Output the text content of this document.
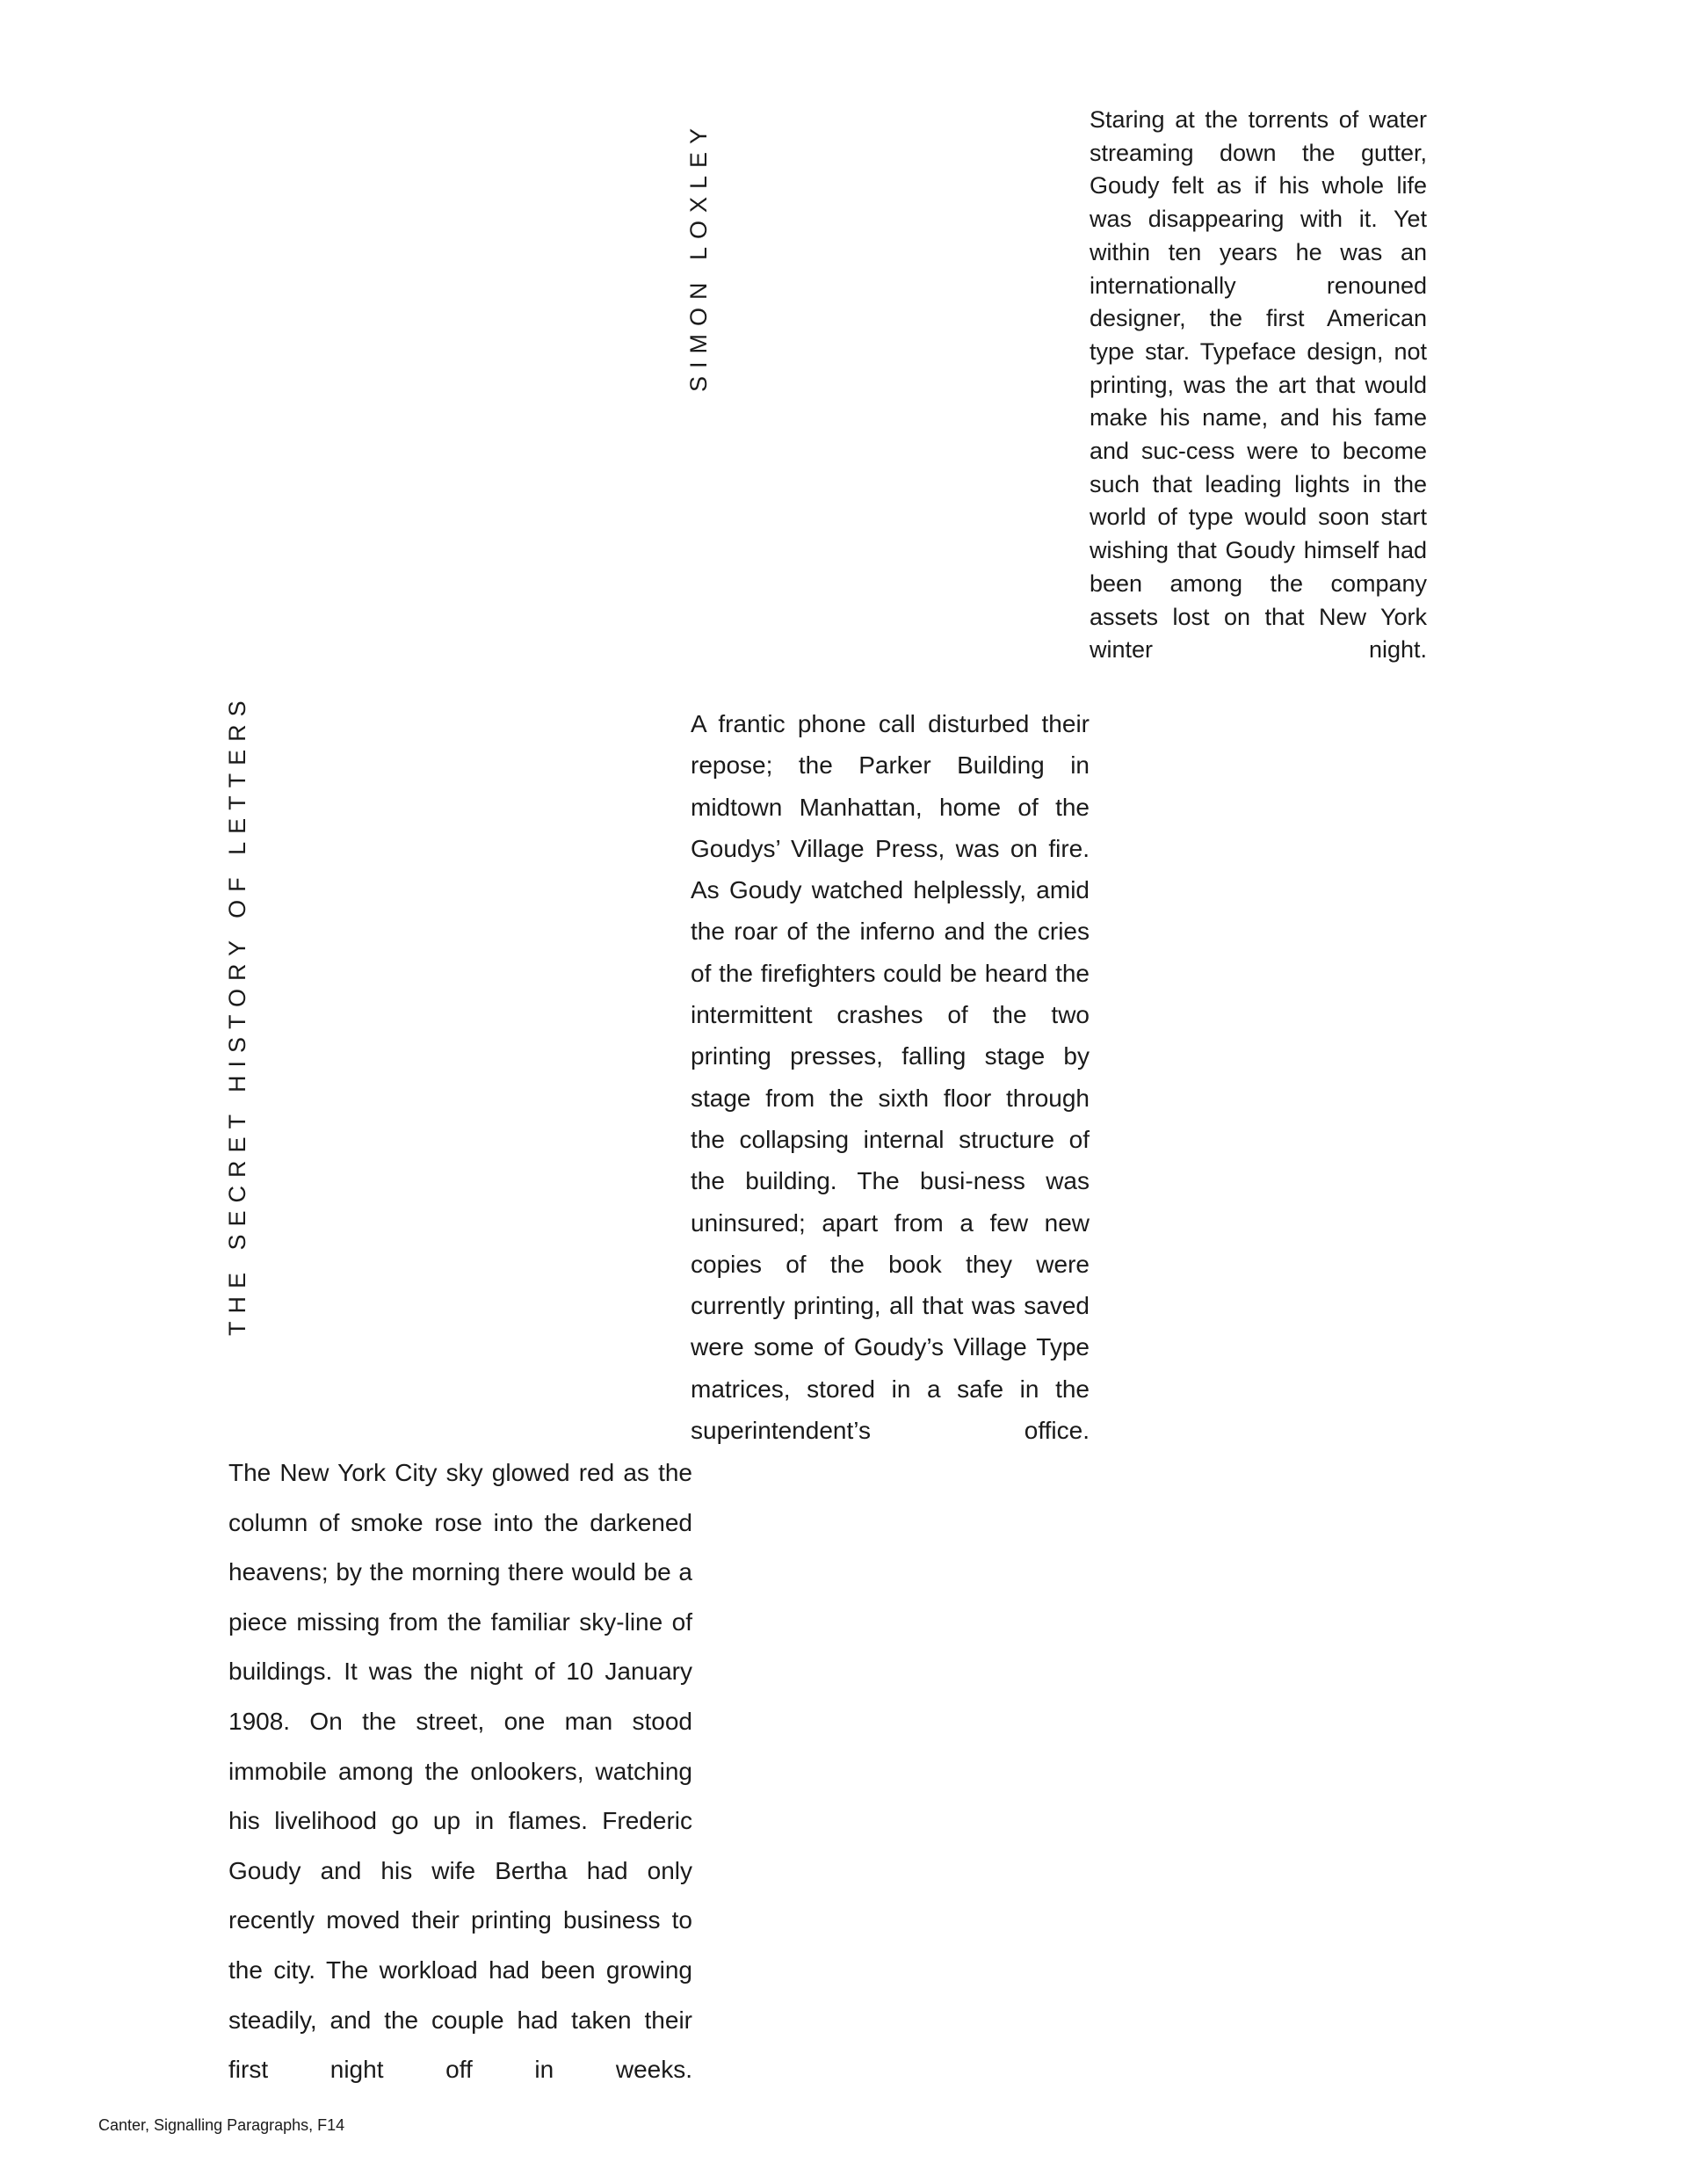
THE SECRET HISTORY OF LETTERS
SIMON LOXLEY

Staring at the torrents of water streaming down the gutter, Goudy felt as if his whole life was disappearing with it. Yet within ten years he was an internationally renouned designer, the first American type star. Typeface design, not printing, was the art that would make his name, and his fame and suc-cess were to become such that leading lights in the world of type would soon start wishing that Goudy himself had been among the company assets lost on that New York winter night.

A frantic phone call disturbed their repose; the Parker Building in midtown Manhattan, home of the Goudys’ Village Press, was on fire. As Goudy watched helplessly, amid the roar of the inferno and the cries of the firefighters could be heard the intermittent crashes of the two printing presses, falling stage by stage from the sixth floor through the collapsing internal structure of the building. The busi-ness was uninsured; apart from a few new copies of the book they were currently printing, all that was saved were some of Goudy’s Village Type matrices, stored in a safe in the superintendent’s office.

The New York City sky glowed red as the column of smoke rose into the darkened heavens; by the morning there would be a piece missing from the familiar sky-line of buildings. It was the night of 10 January 1908. On the street, one man stood immobile among the onlookers, watching his livelihood go up in flames. Frederic Goudy and his wife Bertha had only recently moved their printing business to the city. The workload had been growing steadily, and the couple had taken their first night off in weeks.

Canter, Signalling Paragraphs, F14
